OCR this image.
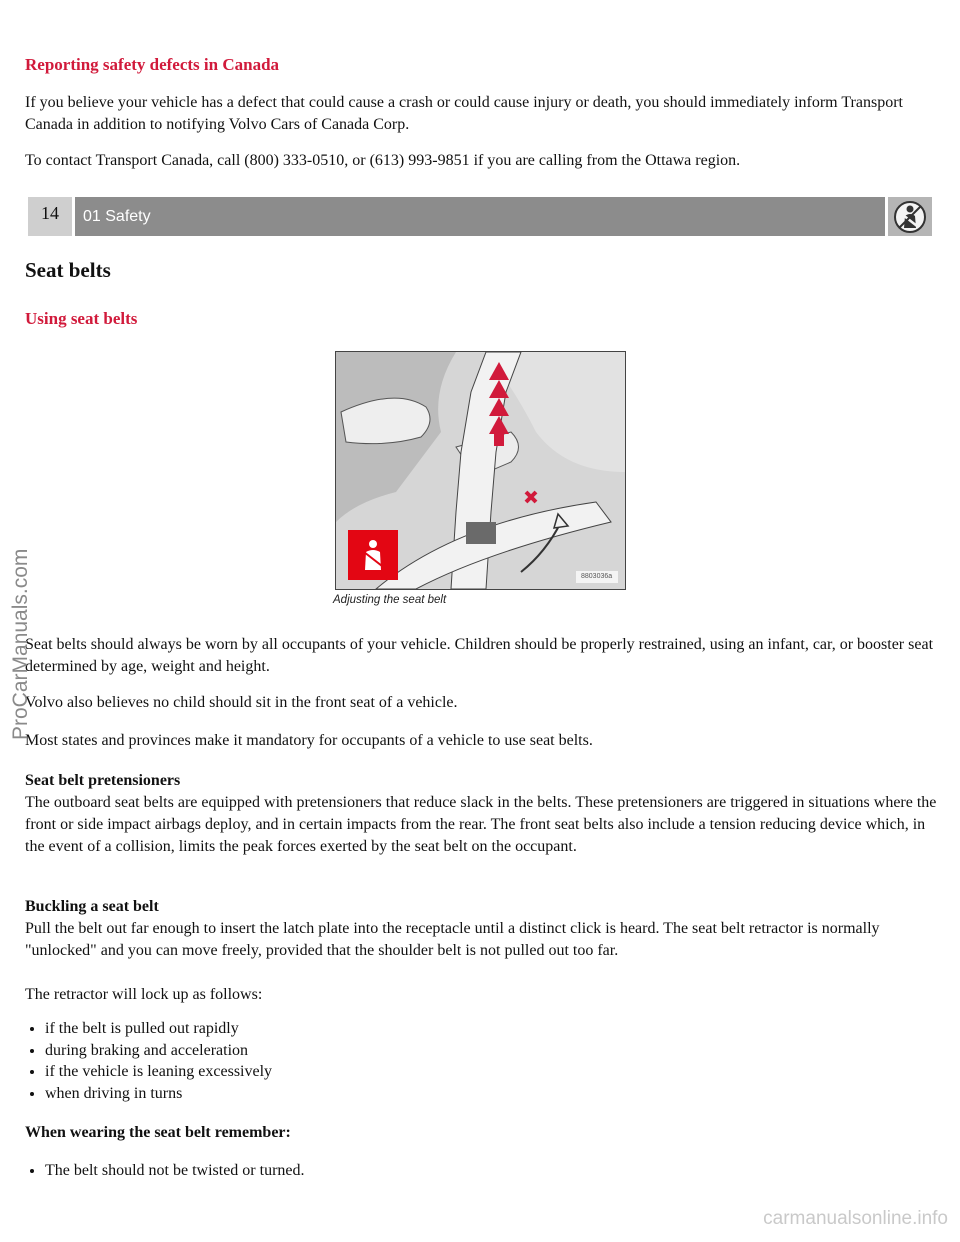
Reporting safety defects in Canada

If you believe your vehicle has a defect that could cause a crash or could cause injury or death, you should immediately inform Transport Canada in addition to notifying Volvo Cars of Canada Corp.

To contact Transport Canada, call (800) 333-0510, or (613) 993-9851 if you are calling from the Ottawa region.

14	01 Safety
Seat belts
Using seat belts
8803036a
Adjusting the seat belt

Seat belts should always be worn by all occupants of your vehicle. Children should be properly restrained, using an infant, car, or booster seat determined by age, weight and height.

Volvo also believes no child should sit in the front seat of a vehicle.

Most states and provinces make it mandatory for occupants of a vehicle to use seat belts.

Seat belt pretensioners
The outboard seat belts are equipped with pretensioners that reduce slack in the belts. These pretensioners are triggered in situations where the front or side impact airbags deploy, and in certain impacts from the rear. The front seat belts also include a tension reducing device which, in the event of a collision, limits the peak forces exerted by the seat belt on the occupant.

Buckling a seat belt
Pull the belt out far enough to insert the latch plate into the receptacle until a distinct click is heard. The seat belt retractor is normally "unlocked" and you can move freely, provided that the shoulder belt is not pulled out too far.

The retractor will lock up as follows:

• if the belt is pulled out rapidly
• during braking and acceleration
• if the vehicle is leaning excessively
• when driving in turns

When wearing the seat belt remember:

• The belt should not be twisted or turned.
ProCarManuals.com
carmanualsonline.info
